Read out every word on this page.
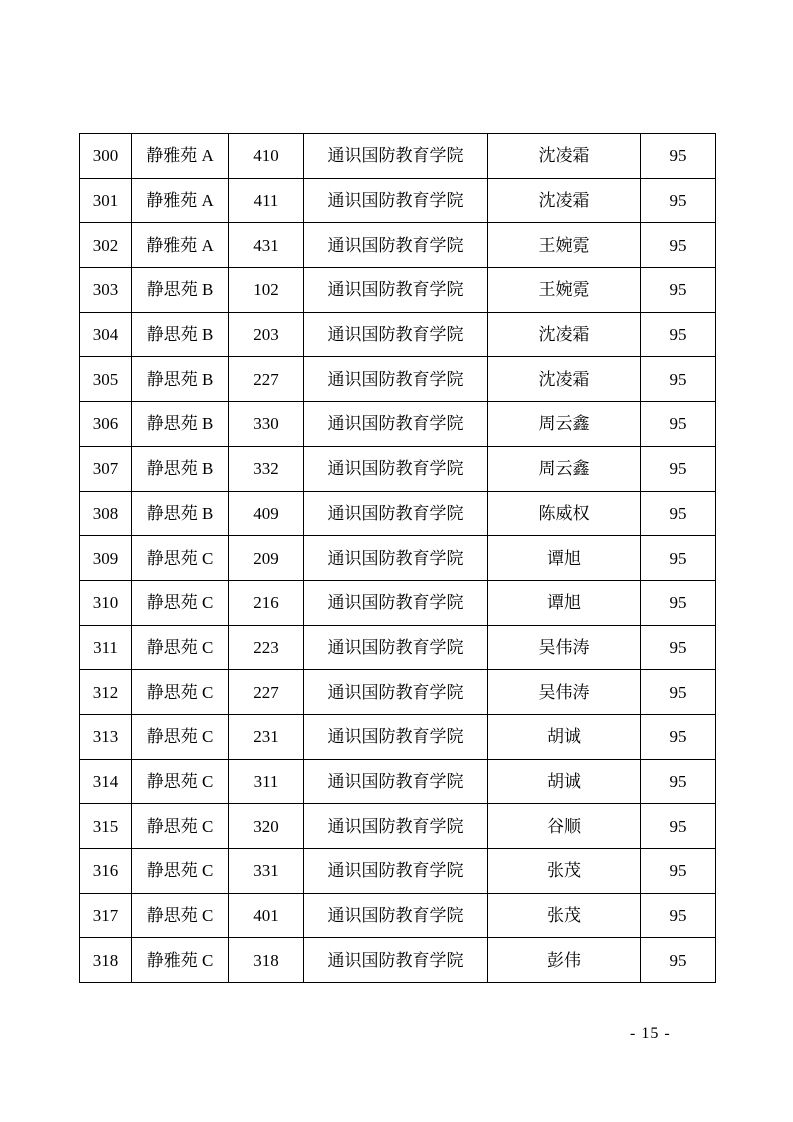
300	静雅苑 A	410	通识国防教育学院	沈凌霜	95
301	静雅苑 A	411	通识国防教育学院	沈凌霜	95
302	静雅苑 A	431	通识国防教育学院	王婉霓	95
303	静思苑 B	102	通识国防教育学院	王婉霓	95
304	静思苑 B	203	通识国防教育学院	沈凌霜	95
305	静思苑 B	227	通识国防教育学院	沈凌霜	95
306	静思苑 B	330	通识国防教育学院	周云鑫	95
307	静思苑 B	332	通识国防教育学院	周云鑫	95
308	静思苑 B	409	通识国防教育学院	陈威权	95
309	静思苑 C	209	通识国防教育学院	谭旭	95
310	静思苑 C	216	通识国防教育学院	谭旭	95
311	静思苑 C	223	通识国防教育学院	吴伟涛	95
312	静思苑 C	227	通识国防教育学院	吴伟涛	95
313	静思苑 C	231	通识国防教育学院	胡诚	95
314	静思苑 C	311	通识国防教育学院	胡诚	95
315	静思苑 C	320	通识国防教育学院	谷顺	95
316	静思苑 C	331	通识国防教育学院	张茂	95
317	静思苑 C	401	通识国防教育学院	张茂	95
318	静雅苑 C	318	通识国防教育学院	彭伟	95
- 15 -
